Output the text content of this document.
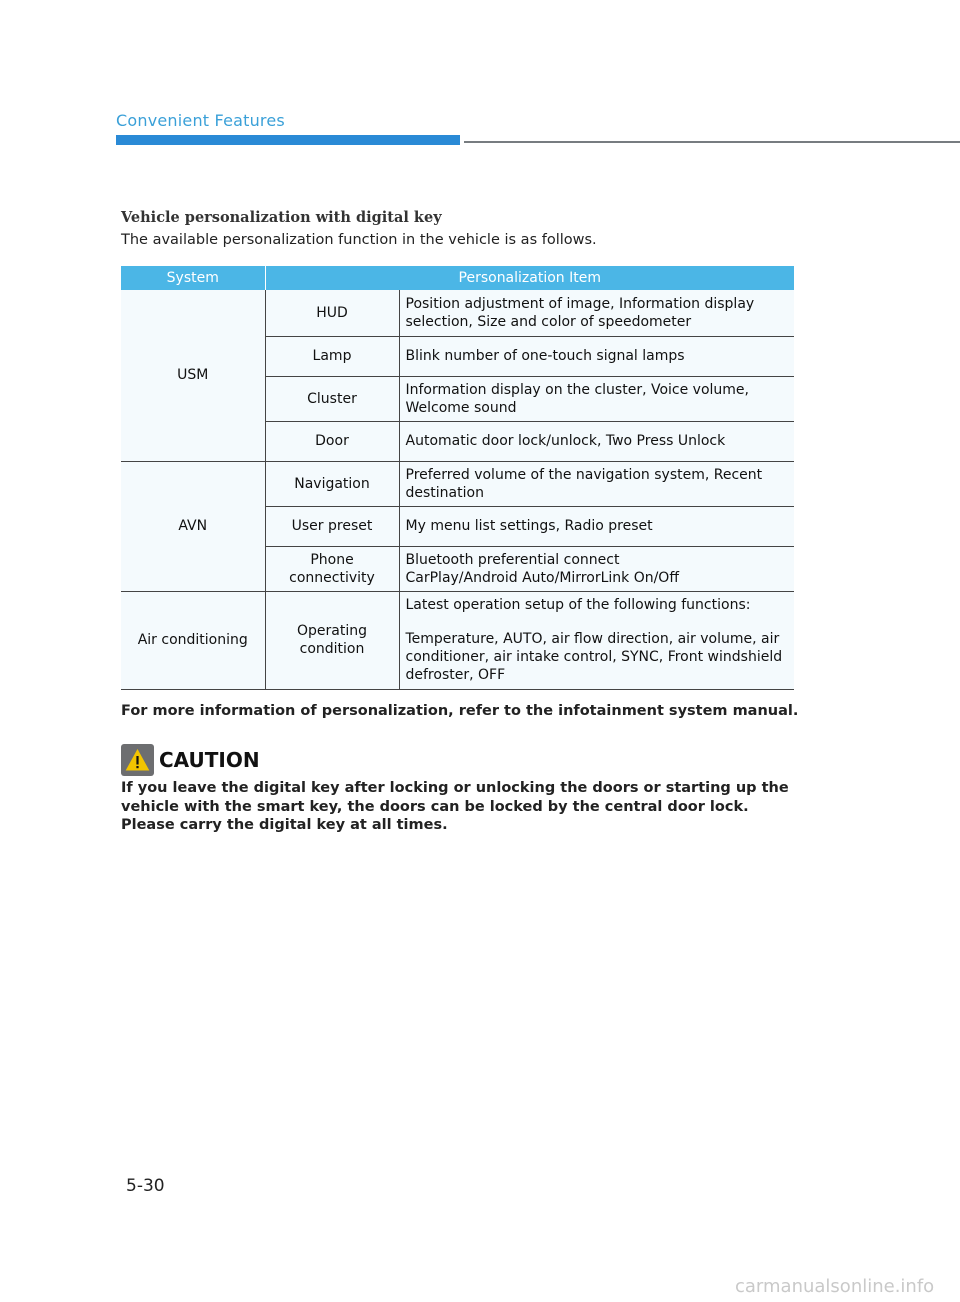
Convenient Features
Vehicle personalization with digital key
The available personalization function in the vehicle is as follows.
System	Personalization Item	
USM	HUD	Position adjustment of image, Information display selection, Size and color of speedometer

	Lamp	Blink number of one-touch signal lamps

	Cluster	Information display on the cluster, Voice volume, Welcome sound

	Door	Automatic door lock/unlock, Two Press Unlock

AVN	Navigation	Preferred volume of the navigation system, Recent destination

	User preset	My menu list settings, Radio preset

	Phone connectivity	Bluetooth preferential connect
CarPlay/Android Auto/MirrorLink On/Off

Air conditioning	Operating condition	Latest operation setup of the following functions:
Temperature, AUTO, air flow direction, air volume, air conditioner, air intake control, SYNC, Front windshield defroster, OFF
For more information of personalization, refer to the infotainment system manual.
CAUTION
If you leave the digital key after locking or unlocking the doors or starting up the vehicle with the smart key, the doors can be locked by the central door lock. Please carry the digital key at all times.
5-30
carmanualsonline.info
